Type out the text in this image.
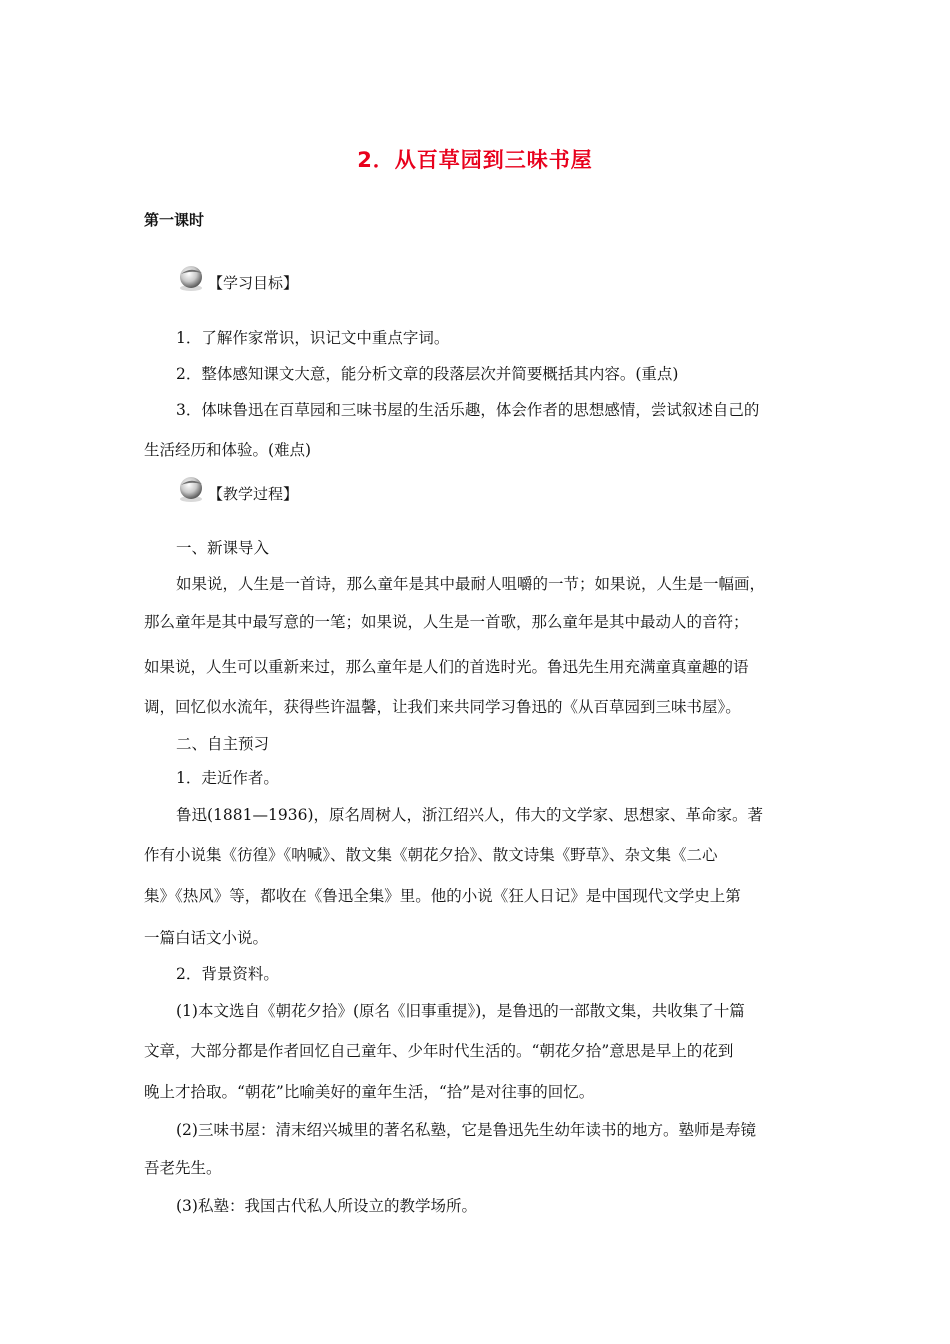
2．从百草园到三味书屋
第一课时
【学习目标】
1．了解作家常识，识记文中重点字词。
2．整体感知课文大意，能分析文章的段落层次并简要概括其内容。(重点)
3．体味鲁迅在百草园和三味书屋的生活乐趣，体会作者的思想感情，尝试叙述自己的
生活经历和体验。(难点)
【教学过程】
一、新课导入
如果说，人生是一首诗，那么童年是其中最耐人咀嚼的一节；如果说，人生是一幅画，
那么童年是其中最写意的一笔；如果说，人生是一首歌，那么童年是其中最动人的音符；
如果说，人生可以重新来过，那么童年是人们的首选时光。鲁迅先生用充满童真童趣的语
调，回忆似水流年，获得些许温馨，让我们来共同学习鲁迅的《从百草园到三味书屋》。
二、自主预习
1．走近作者。
鲁迅(1881—1936)，原名周树人，浙江绍兴人，伟大的文学家、思想家、革命家。著
作有小说集《彷徨》《呐喊》、散文集《朝花夕拾》、散文诗集《野草》、杂文集《二心
集》《热风》等，都收在《鲁迅全集》里。他的小说《狂人日记》是中国现代文学史上第
一篇白话文小说。
2．背景资料。
(1)本文选自《朝花夕拾》(原名《旧事重提》)，是鲁迅的一部散文集，共收集了十篇
文章，大部分都是作者回忆自己童年、少年时代生活的。“朝花夕拾”意思是早上的花到
晚上才拾取。“朝花”比喻美好的童年生活，“拾”是对往事的回忆。
(2)三味书屋：清末绍兴城里的著名私塾，它是鲁迅先生幼年读书的地方。塾师是寿镜
吾老先生。
(3)私塾：我国古代私人所设立的教学场所。
